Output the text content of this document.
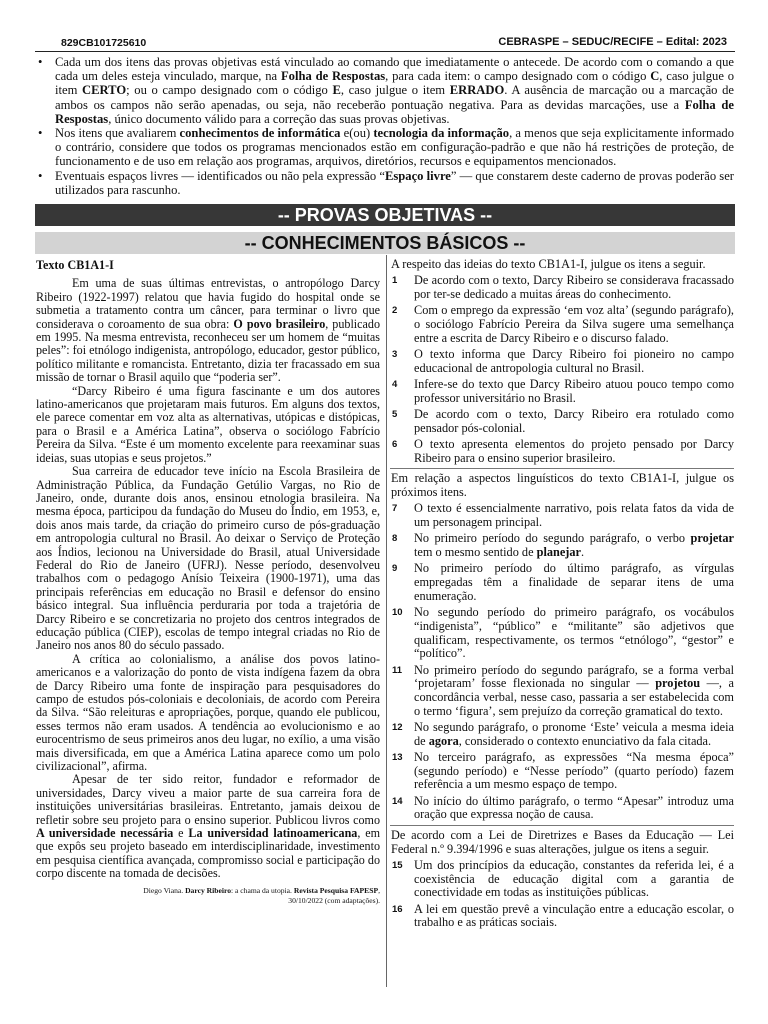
829CB101725610	CEBRASPE – SEDUC/RECIFE – Edital: 2023
•
Cada um dos itens das provas objetivas está vinculado ao comando que imediatamente o antecede. De acordo com o comando a que cada um deles esteja vinculado, marque, na Folha de Respostas, para cada item: o campo designado com o código C, caso julgue o item CERTO; ou o campo designado com o código E, caso julgue o item ERRADO. A ausência de marcação ou a marcação de ambos os campos não serão apenadas, ou seja, não receberão pontuação negativa. Para as devidas marcações, use a Folha de Respostas, único documento válido para a correção das suas provas objetivas.
•
Nos itens que avaliarem conhecimentos de informática e(ou) tecnologia da informação, a menos que seja explicitamente informado o contrário, considere que todos os programas mencionados estão em configuração-padrão e que não há restrições de proteção, de funcionamento e de uso em relação aos programas, arquivos, diretórios, recursos e equipamentos mencionados.
•
Eventuais espaços livres — identificados ou não pela expressão “Espaço livre” — que constarem deste caderno de provas poderão ser utilizados para rascunho.
-- PROVAS OBJETIVAS --
-- CONHECIMENTOS BÁSICOS --
Texto CB1A1-I

Em uma de suas últimas entrevistas, o antropólogo Darcy Ribeiro (1922-1997) relatou que havia fugido do hospital onde se submetia a tratamento contra um câncer, para terminar o livro que considerava o coroamento de sua obra: O povo brasileiro, publicado em 1995. Na mesma entrevista, reconheceu ser um homem de “muitas peles”: foi etnólogo indigenista, antropólogo, educador, gestor público, político militante e romancista. Entretanto, dizia ter fracassado em sua missão de tornar o Brasil aquilo que “poderia ser”.

“Darcy Ribeiro é uma figura fascinante e um dos autores latino-americanos que projetaram mais futuros. Em alguns dos textos, ele parece comentar em voz alta as alternativas, utópicas e distópicas, para o Brasil e a América Latina”, observa o sociólogo Fabrício Pereira da Silva. “Este é um momento excelente para reexaminar suas ideias, suas utopias e seus projetos.”

Sua carreira de educador teve início na Escola Brasileira de Administração Pública, da Fundação Getúlio Vargas, no Rio de Janeiro, onde, durante dois anos, ensinou etnologia brasileira. Na mesma época, participou da fundação do Museu do Índio, em 1953, e, dois anos mais tarde, da criação do primeiro curso de pós-graduação em antropologia cultural no Brasil. Ao deixar o Serviço de Proteção aos Índios, lecionou na Universidade do Brasil, atual Universidade Federal do Rio de Janeiro (UFRJ). Nesse período, desenvolveu trabalhos com o pedagogo Anísio Teixeira (1900-1971), uma das principais referências em educação no Brasil e defensor do ensino básico integral. Sua influência perduraria por toda a trajetória de Darcy Ribeiro e se concretizaria no projeto dos centros integrados de educação pública (CIEP), escolas de tempo integral criadas no Rio de Janeiro nos anos 80 do século passado.

A crítica ao colonialismo, a análise dos povos latino-americanos e a valorização do ponto de vista indígena fazem da obra de Darcy Ribeiro uma fonte de inspiração para pesquisadores do campo de estudos pós-coloniais e decoloniais, de acordo com Pereira da Silva. “São releituras e apropriações, porque, quando ele publicou, esses termos não eram usados. A tendência ao evolucionismo e ao eurocentrismo de seus primeiros anos deu lugar, no exílio, a uma visão mais diversificada, em que a América Latina aparece como um polo civilizacional”, afirma.

Apesar de ter sido reitor, fundador e reformador de universidades, Darcy viveu a maior parte de sua carreira fora de instituições universitárias brasileiras. Entretanto, jamais deixou de refletir sobre seu projeto para o ensino superior. Publicou livros como A universidade necessária e La universidad latinoamericana, em que expôs seu projeto baseado em interdisciplinaridade, investimento em pesquisa científica avançada, compromisso social e participação do corpo discente na tomada de decisões.

Diego Viana. Darcy Ribeiro: a chama da utopia. Revista Pesquisa FAPESP,
30/10/2022 (com adaptações).
A respeito das ideias do texto CB1A1-I, julgue os itens a seguir.
1	De acordo com o texto, Darcy Ribeiro se considerava fracassado por ter-se dedicado a muitas áreas do conhecimento.
2	Com o emprego da expressão ‘em voz alta’ (segundo parágrafo), o sociólogo Fabrício Pereira da Silva sugere uma semelhança entre a escrita de Darcy Ribeiro e o discurso falado.
3	O texto informa que Darcy Ribeiro foi pioneiro no campo educacional de antropologia cultural no Brasil.
4	Infere-se do texto que Darcy Ribeiro atuou pouco tempo como professor universitário no Brasil.
5	De acordo com o texto, Darcy Ribeiro era rotulado como pensador pós-colonial.
6	O texto apresenta elementos do projeto pensado por Darcy Ribeiro para o ensino superior brasileiro.
Em relação a aspectos linguísticos do texto CB1A1-I, julgue os próximos itens.
7	O texto é essencialmente narrativo, pois relata fatos da vida de um personagem principal.
8	No primeiro período do segundo parágrafo, o verbo projetar tem o mesmo sentido de planejar.
9	No primeiro período do último parágrafo, as vírgulas empregadas têm a finalidade de separar itens de uma enumeração.
10 No segundo período do primeiro parágrafo, os vocábulos “indigenista”, “público” e “militante” são adjetivos que qualificam, respectivamente, os termos “etnólogo”, “gestor” e “político”.
11 No primeiro período do segundo parágrafo, se a forma verbal ‘projetaram’ fosse flexionada no singular — projetou —, a concordância verbal, nesse caso, passaria a ser estabelecida com o termo ‘figura’, sem prejuízo da correção gramatical do texto.
12 No segundo parágrafo, o pronome ‘Este’ veicula a mesma ideia de agora, considerado o contexto enunciativo da fala citada.
13 No terceiro parágrafo, as expressões “Na mesma época” (segundo período) e “Nesse período” (quarto período) fazem referência a um mesmo espaço de tempo.
14 No início do último parágrafo, o termo “Apesar” introduz uma oração que expressa noção de causa.
De acordo com a Lei de Diretrizes e Bases da Educação — Lei Federal n.º 9.394/1996 e suas alterações, julgue os itens a seguir.
15 Um dos princípios da educação, constantes da referida lei, é a coexistência de educação digital com a garantia de conectividade em todas as instituições públicas.
16 A lei em questão prevê a vinculação entre a educação escolar, o trabalho e as práticas sociais.
